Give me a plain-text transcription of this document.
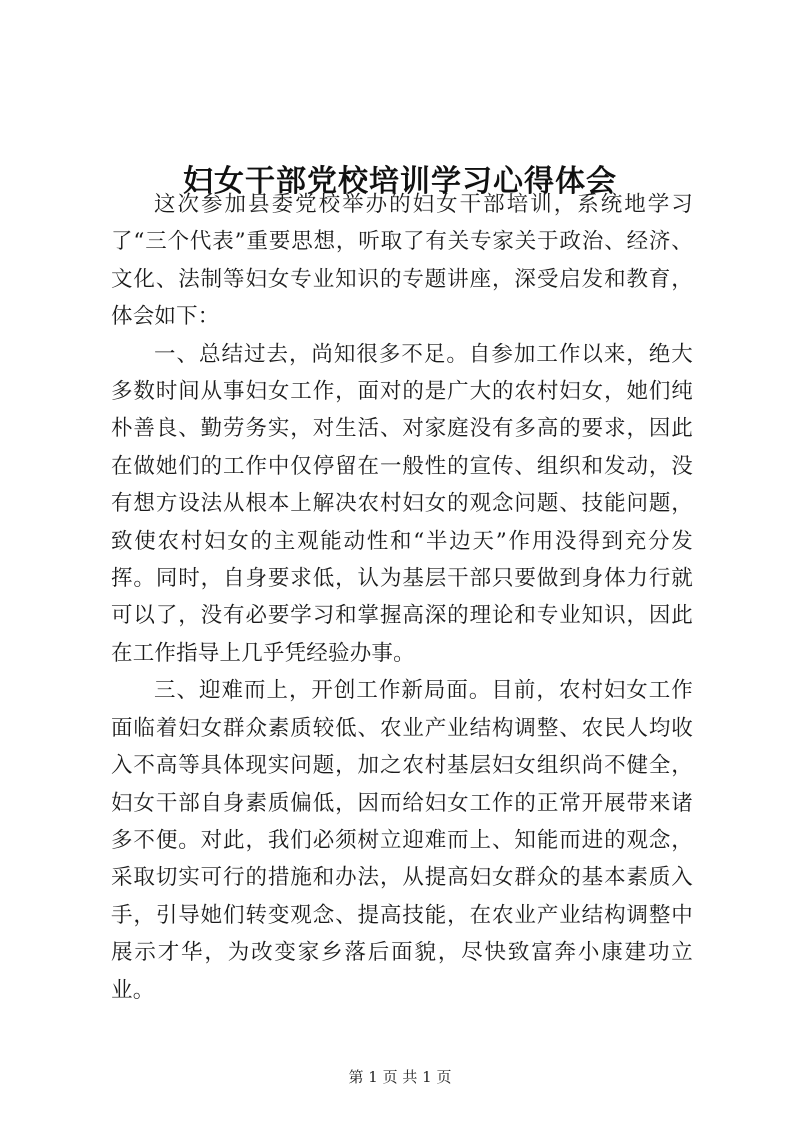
妇女干部党校培训学习心得体会

这次参加县委党校举办的妇女干部培训，系统地学习了“三个代表”重要思想，听取了有关专家关于政治、经济、文化、法制等妇女专业知识的专题讲座，深受启发和教育，体会如下：

一、总结过去，尚知很多不足。自参加工作以来，绝大多数时间从事妇女工作，面对的是广大的农村妇女，她们纯朴善良、勤劳务实，对生活、对家庭没有多高的要求，因此在做她们的工作中仅停留在一般性的宣传、组织和发动，没有想方设法从根本上解决农村妇女的观念问题、技能问题，致使农村妇女的主观能动性和“半边天”作用没得到充分发挥。同时，自身要求低，认为基层干部只要做到身体力行就可以了，没有必要学习和掌握高深的理论和专业知识，因此在工作指导上几乎凭经验办事。

三、迎难而上，开创工作新局面。目前，农村妇女工作面临着妇女群众素质较低、农业产业结构调整、农民人均收入不高等具体现实问题，加之农村基层妇女组织尚不健全，妇女干部自身素质偏低，因而给妇女工作的正常开展带来诸多不便。对此，我们必须树立迎难而上、知能而进的观念，采取切实可行的措施和办法，从提高妇女群众的基本素质入手，引导她们转变观念、提高技能，在农业产业结构调整中展示才华，为改变家乡落后面貌，尽快致富奔小康建功立业。

第 1 页 共 1 页
